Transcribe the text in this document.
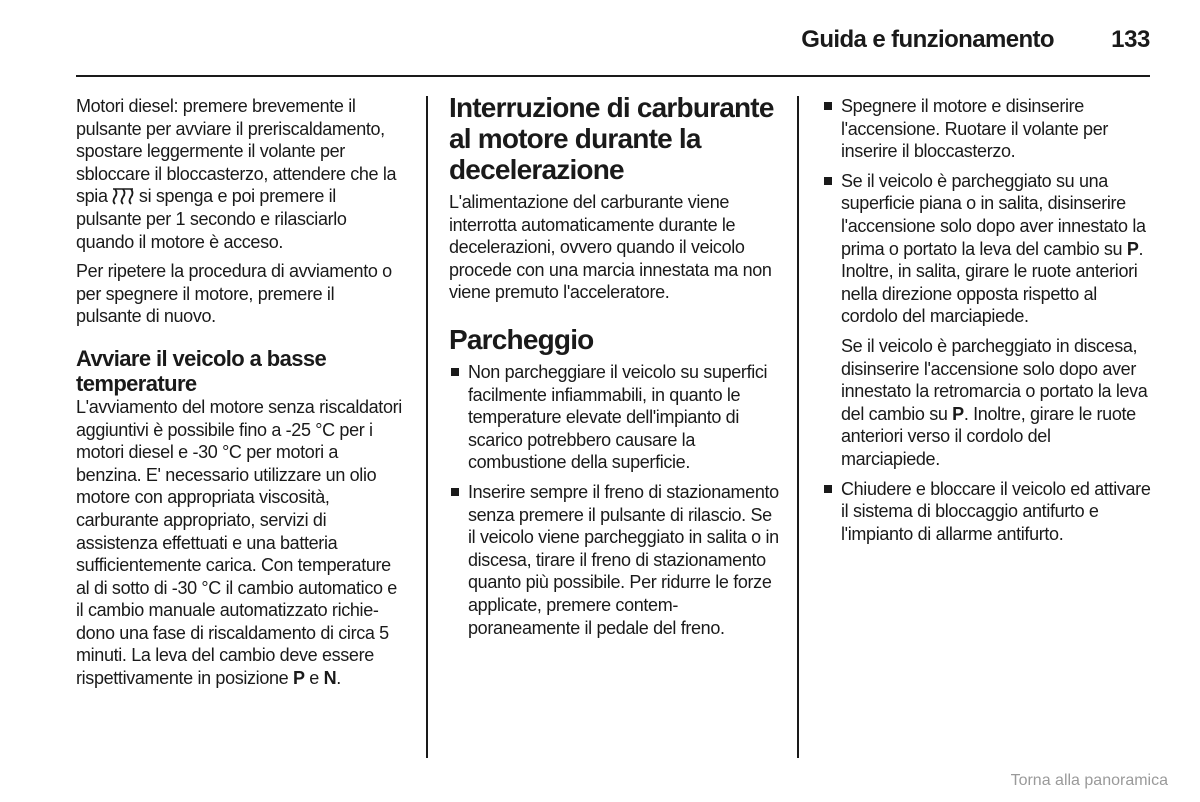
Guida e funzionamento	133

Motori diesel: premere brevemente il pulsante per avviare il preriscaldamento, spostare leggermente il volante per sbloccare il bloccasterzo, attendere che la spia  si spenga e poi premere il pulsante per 1 secondo e rilasciarlo quando il motore è acceso.

Per ripetere la procedura di avviamento o per spegnere il motore, premere il pulsante di nuovo.

Avviare il veicolo a basse temperature

L'avviamento del motore senza riscaldatori aggiuntivi è possibile fino a -25 °C per i motori diesel e -30 °C per motori a benzina. E' necessario utilizzare un olio motore con appropriata viscosità, carburante appropriato, servizi di assistenza effettuati e una batteria sufficientemente carica. Con temperature al di sotto di -30 °C il cambio automatico e il cambio manuale automatizzato richiedono una fase di riscaldamento di circa 5 minuti. La leva del cambio deve essere rispettivamente in posizione P e N.

Interruzione di carburante al motore durante la decelerazione

L'alimentazione del carburante viene interrotta automaticamente durante le decelerazioni, ovvero quando il veicolo procede con una marcia innestata ma non viene premuto l'acceleratore.

Parcheggio
Non parcheggiare il veicolo su superfici facilmente infiammabili, in quanto le temperature elevate dell'impianto di scarico potrebbero causare la combustione della superficie.
Inserire sempre il freno di stazionamento senza premere il pulsante di rilascio. Se il veicolo viene parcheggiato in salita o in discesa, tirare il freno di stazionamento quanto più possibile. Per ridurre le forze applicate, premere contemporaneamente il pedale del freno.
Spegnere il motore e disinserire l'accensione. Ruotare il volante per inserire il bloccasterzo.
Se il veicolo è parcheggiato su una superficie piana o in salita, disinserire l'accensione solo dopo aver innestato la prima o portato la leva del cambio su P. Inoltre, in salita, girare le ruote anteriori nella direzione opposta rispetto al cordolo del marciapiede.

Se il veicolo è parcheggiato in discesa, disinserire l'accensione solo dopo aver innestato la retromarcia o portato la leva del cambio su P. Inoltre, girare le ruote anteriori verso il cordolo del marciapiede.

Chiudere e bloccare il veicolo ed attivare il sistema di bloccaggio antifurto e l'impianto di allarme antifurto.
Torna alla panoramica
